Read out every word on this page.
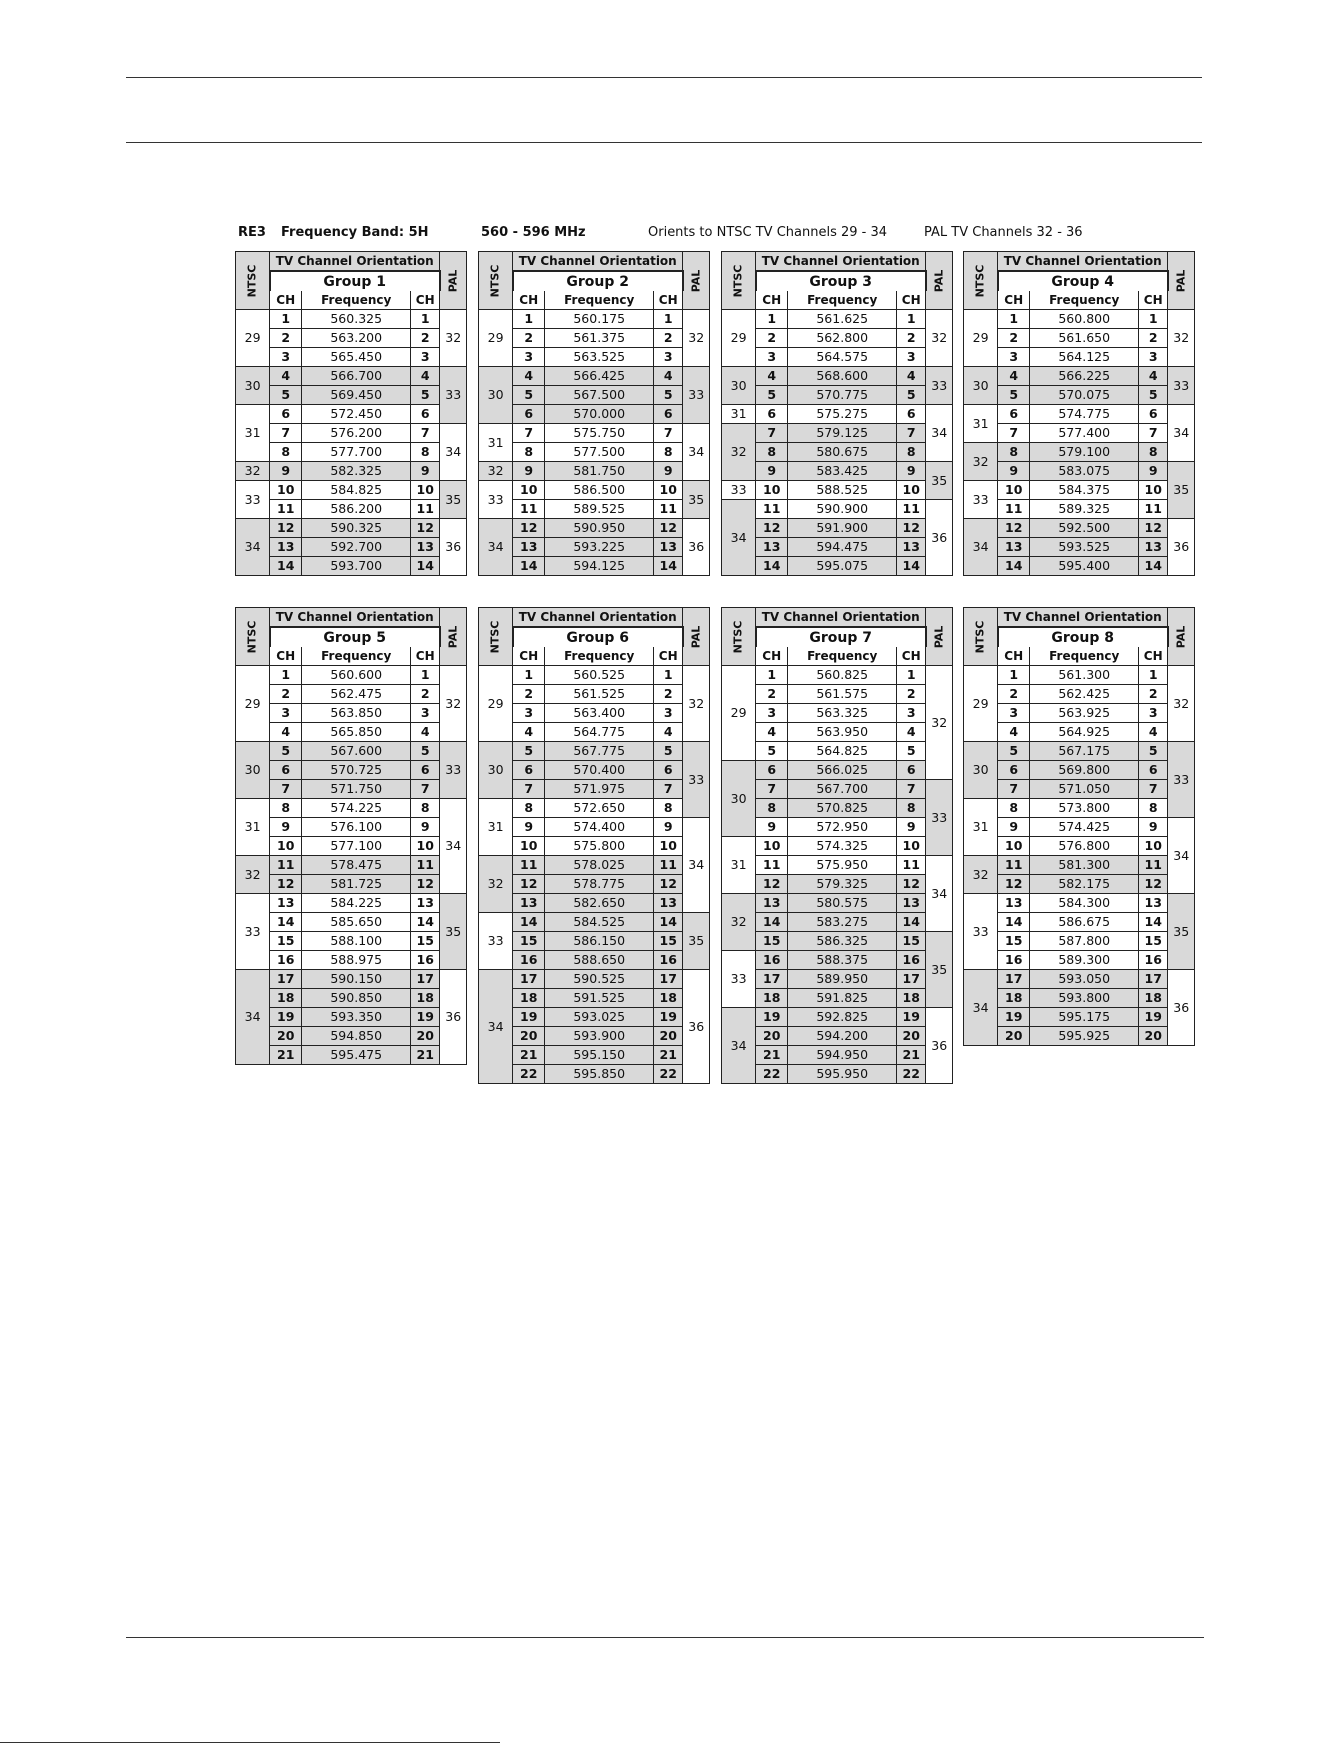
RE3 Frequency Band: 5H	560 - 596 MHz	Orients to NTSC TV Channels 29 - 34	PAL TV Channels 32 - 36
NTSC	TV Channel Orientation			PAL
	Group 1			
	CH	Frequency	CH	
29	1	560.325	1	32
	2	563.200	2	
	3	565.450	3	
30	4	566.700	4	33
	5	569.450	5	
31	6	572.450	6	
	7	576.200	7	34
	8	577.700	8	
32	9	582.325	9	
33	10	584.825	10	35
	11	586.200	11	
34	12	590.325	12	36
	13	592.700	13	
	14	593.700	14	
NTSC	TV Channel Orientation			PAL
	Group 2			
	CH	Frequency	CH	
29	1	560.175	1	32
	2	561.375	2	
	3	563.525	3	
30	4	566.425	4	33
	5	567.500	5	
	6	570.000	6	
31	7	575.750	7	34
	8	577.500	8	
32	9	581.750	9	
33	10	586.500	10	35
	11	589.525	11	
34	12	590.950	12	36
	13	593.225	13	
	14	594.125	14	
NTSC	TV Channel Orientation			PAL
	Group 3			
	CH	Frequency	CH	
29	1	561.625	1	32
	2	562.800	2	
	3	564.575	3	
30	4	568.600	4	33
	5	570.775	5	
31	6	575.275	6	34
32	7	579.125	7	
	8	580.675	8	
	9	583.425	9	35
33	10	588.525	10	
34	11	590.900	11	36
	12	591.900	12	
	13	594.475	13	
	14	595.075	14	
NTSC	TV Channel Orientation			PAL
	Group 4			
	CH	Frequency	CH	
29	1	560.800	1	32
	2	561.650	2	
	3	564.125	3	
30	4	566.225	4	33
	5	570.075	5	
31	6	574.775	6	34
	7	577.400	7	
32	8	579.100	8	
	9	583.075	9	35
33	10	584.375	10	
	11	589.325	11	
34	12	592.500	12	36
	13	593.525	13	
	14	595.400	14	
NTSC	TV Channel Orientation			PAL
	Group 5			
	CH	Frequency	CH	
29	1	560.600	1	32
	2	562.475	2	
	3	563.850	3	
	4	565.850	4	
30	5	567.600	5	33
	6	570.725	6	
	7	571.750	7	
31	8	574.225	8	34
	9	576.100	9	
	10	577.100	10	
32	11	578.475	11	
	12	581.725	12	
33	13	584.225	13	35
	14	585.650	14	
	15	588.100	15	
	16	588.975	16	
34	17	590.150	17	36
	18	590.850	18	
	19	593.350	19	
	20	594.850	20	
	21	595.475	21	
NTSC	TV Channel Orientation			PAL
	Group 6			
	CH	Frequency	CH	
29	1	560.525	1	32
	2	561.525	2	
	3	563.400	3	
	4	564.775	4	
30	5	567.775	5	33
	6	570.400	6	
	7	571.975	7	
31	8	572.650	8	
	9	574.400	9	34
	10	575.800	10	
32	11	578.025	11	
	12	578.775	12	
	13	582.650	13	
33	14	584.525	14	35
	15	586.150	15	
	16	588.650	16	
34	17	590.525	17	36
	18	591.525	18	
	19	593.025	19	
	20	593.900	20	
	21	595.150	21	
	22	595.850	22	
NTSC	TV Channel Orientation			PAL
	Group 7			
	CH	Frequency	CH	
29	1	560.825	1	32
	2	561.575	2	
	3	563.325	3	
	4	563.950	4	
	5	564.825	5	
30	6	566.025	6	
	7	567.700	7	33
	8	570.825	8	
	9	572.950	9	
31	10	574.325	10	
	11	575.950	11	34
	12	579.325	12	
32	13	580.575	13	
	14	583.275	14	
	15	586.325	15	35
33	16	588.375	16	
	17	589.950	17	
	18	591.825	18	
34	19	592.825	19	36
	20	594.200	20	
	21	594.950	21	
	22	595.950	22	
NTSC	TV Channel Orientation			PAL
	Group 8			
	CH	Frequency	CH	
29	1	561.300	1	32
	2	562.425	2	
	3	563.925	3	
	4	564.925	4	
30	5	567.175	5	33
	6	569.800	6	
	7	571.050	7	
31	8	573.800	8	
	9	574.425	9	34
	10	576.800	10	
32	11	581.300	11	
	12	582.175	12	
33	13	584.300	13	35
	14	586.675	14	
	15	587.800	15	
	16	589.300	16	
34	17	593.050	17	36
	18	593.800	18	
	19	595.175	19	
	20	595.925	20	
